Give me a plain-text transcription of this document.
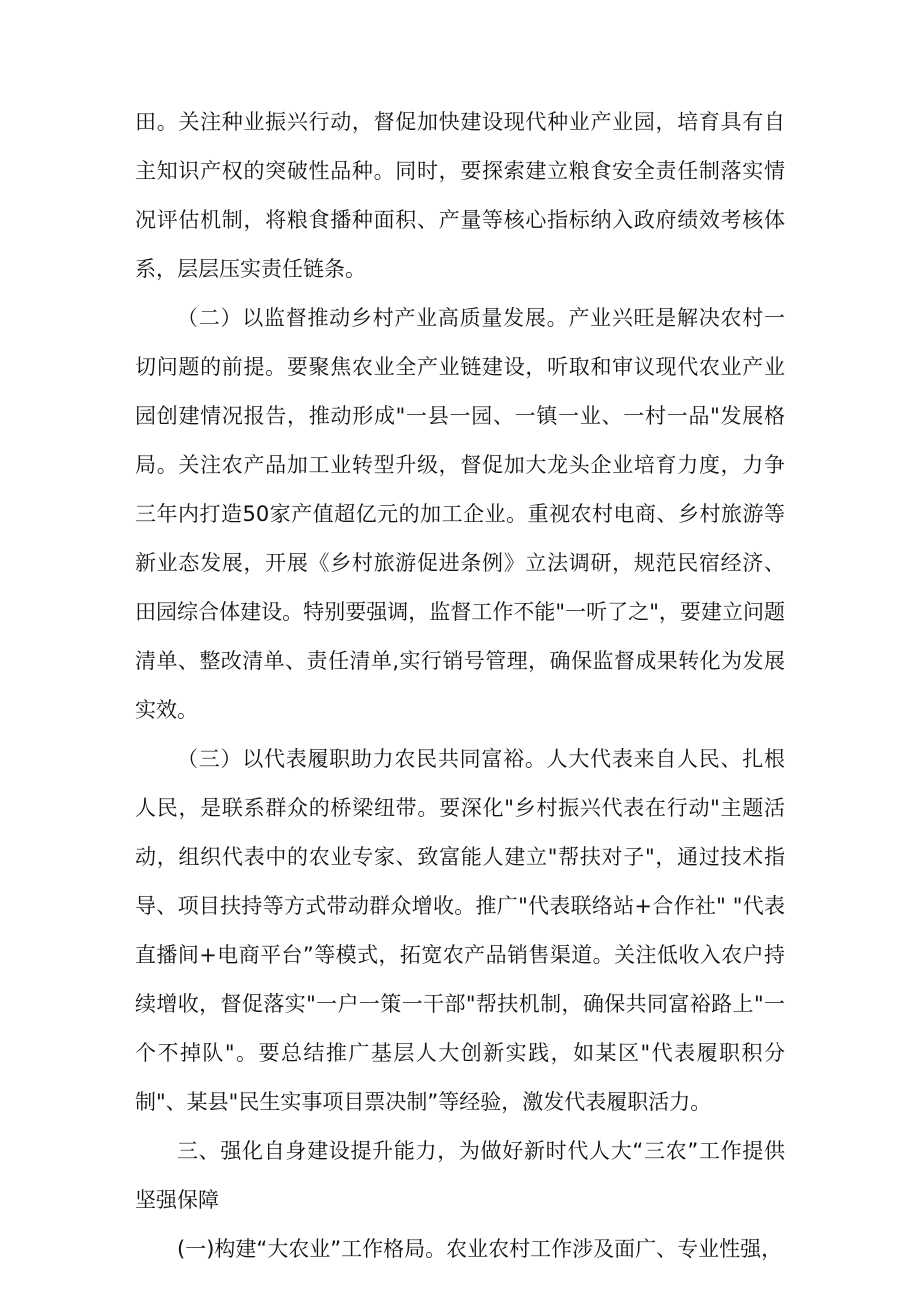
田。关注种业振兴行动，督促加快建设现代种业产业园，培育具有自主知识产权的突破性品种。同时，要探索建立粮食安全责任制落实情况评估机制，将粮食播种面积、产量等核心指标纳入政府绩效考核体系，层层压实责任链条。

（二）以监督推动乡村产业高质量发展。产业兴旺是解决农村一切问题的前提。要聚焦农业全产业链建设，听取和审议现代农业产业园创建情况报告，推动形成"一县一园、一镇一业、一村一品"发展格局。关注农产品加工业转型升级，督促加大龙头企业培育力度，力争三年内打造50家产值超亿元的加工企业。重视农村电商、乡村旅游等新业态发展，开展《乡村旅游促进条例》立法调研，规范民宿经济、田园综合体建设。特别要强调，监督工作不能"一听了之"，要建立问题清单、整改清单、责任清单,实行销号管理，确保监督成果转化为发展实效。

（三）以代表履职助力农民共同富裕。人大代表来自人民、扎根人民，是联系群众的桥梁纽带。要深化"乡村振兴代表在行动"主题活动，组织代表中的农业专家、致富能人建立"帮扶对子"，通过技术指导、项目扶持等方式带动群众增收。推广"代表联络站+合作社" "代表直播间+电商平台”等模式，拓宽农产品销售渠道。关注低收入农户持续增收，督促落实"一户一策一干部"帮扶机制，确保共同富裕路上"一个不掉队"。要总结推广基层人大创新实践，如某区"代表履职积分制"、某县"民生实事项目票决制”等经验，激发代表履职活力。

三、强化自身建设提升能力，为做好新时代人大“三农”工作提供坚强保障

(一)构建“大农业”工作格局。农业农村工作涉及面广、专业性强，
